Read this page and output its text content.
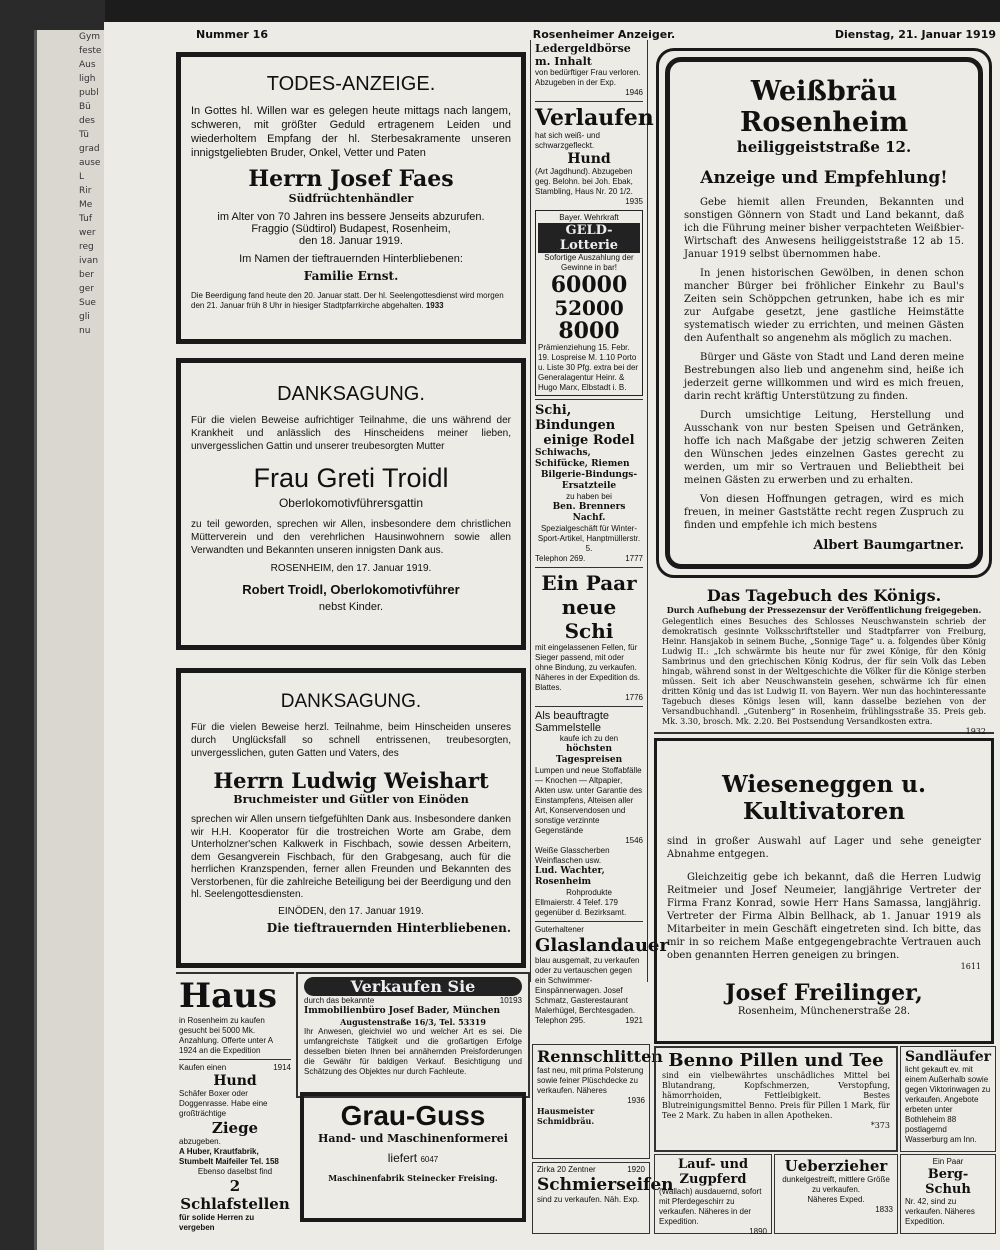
Gym
feste
Aus
ligh
publ
Bü
des
Tü
grad
ause
L
Rir
Me
Tuf
wer
reg
ivan
ber
ger
Sue
gli
nu
Nummer 16	Rosenheimer Anzeiger.	Dienstag, 21. Januar 1919
TODES-ANZEIGE.
In Gottes hl. Willen war es gelegen heute mittags nach langem, schweren, mit größter Geduld ertragenem Leiden und wiederholtem Empfang der hl. Sterbesakramente unseren innigstgeliebten Bruder, Onkel, Vetter und Paten
Herrn Josef Faes
Südfrüchtenhändler
im Alter von 70 Jahren ins bessere Jenseits abzurufen.
Fraggio (Südtirol) Budapest, Rosenheim,
den 18. Januar 1919.
Im Namen der tieftrauernden Hinterbliebenen:
Familie Ernst.
Die Beerdigung fand heute den 20. Januar statt. Der hl. Seelengottesdienst wird morgen den 21. Januar früh 8 Uhr in hiesiger Stadtpfarrkirche abgehalten. 1933
DANKSAGUNG.
Für die vielen Beweise aufrichtiger Teilnahme, die uns während der Krankheit und anlässlich des Hinscheidens meiner lieben, unvergesslichen Gattin und unserer treubesorgten Mutter
Frau Greti Troidl
Oberlokomotivführersgattin
zu teil geworden, sprechen wir Allen, insbesondere dem christlichen Mütterverein und den verehrlichen Hausinwohnern sowie allen Verwandten und Bekannten unseren innigsten Dank aus.
ROSENHEIM, den 17. Januar 1919.
Robert Troidl, Oberlokomotivführer
nebst Kinder.
DANKSAGUNG.
Für die vielen Beweise herzl. Teilnahme, beim Hinscheiden unseres durch Unglücksfall so schnell entrissenen, treubesorgten, unvergesslichen, guten Gatten und Vaters, des
Herrn Ludwig Weishart
Bruchmeister und Gütler von Einöden
sprechen wir Allen unsern tiefgefühlten Dank aus. Insbesondere danken wir H.H. Kooperator für die trostreichen Worte am Grabe, dem Unterholzner'schen Kalkwerk in Fischbach, sowie dessen Arbeitern, dem Gesangverein Fischbach, für den Grabgesang, auch für die herrlichen Kranzspenden, ferner allen Freunden und Bekannten des Verstorbenen, für die zahlreiche Beteiligung bei der Beerdigung und den hl. Seelengottesdiensten.
EINÖDEN, den 17. Januar 1919.
Die tieftrauernden Hinterbliebenen.
Ledergeldbörse m. Inhalt
von bedürftiger Frau verloren. Abzugeben in der Exp.
1946
Verlaufen
hat sich weiß- und schwarzgefleckt.
Hund
(Art Jagdhund). Abzugeben geg. Belohn. bei Joh. Ebak, Stambling, Haus Nr. 20 1/2.
1935
Bayer. Wehrkraft
GELD-Lotterie
Sofortige Auszahlung der Gewinne in bar!
60000
52000
8000
Prämienziehung 15. Febr. 19. Lospreise M. 1.10 Porto u. Liste 30 Pfg. extra bei der Generalagentur Heinr. & Hugo Marx, Elbstadt i. B.
Schi, Bindungen
einige Rodel
Schiwachs, Schifücke, Riemen
Bilgerie-Bindungs-Ersatzteile
zu haben bei
Ben. Brenners Nachf.
Spezialgeschäft für Winter-Sport-Artikel, Hanptmüllerstr. 5.
Telephon 269.	1777
Ein Paar
neue Schi
mit eingelassenen Fellen, für Sieger passend, mit oder ohne Bindung, zu verkaufen. Näheres in der Expedition ds. Blattes.
1776
Als beauftragte Sammelstelle
kaufe ich zu den
höchsten Tagespreisen
Lumpen und neue Stoffabfälle — Knochen — Altpapier, Akten usw. unter Garantie des Einstampfens, Alteisen aller Art, Konservendosen und sonstige verzinnte Gegenstände
1546
Weiße Glasscherben Weinflaschen usw.
Lud. Wachter, Rosenheim
Rohprodukte
Ellmaierstr. 4 Telef. 179
gegenüber d. Bezirksamt.
Guterhaltener
Glaslandauer
blau ausgemalt, zu verkaufen oder zu vertauschen gegen ein Schwimmer-Einspännerwagen. Josef Schmatz, Gasterestaurant Malerhügel, Berchtesgaden.
Telephon 295.	1921
Weißbräu Rosenheim
heiliggeiststraße 12.
Anzeige und Empfehlung!
Gebe hiemit allen Freunden, Bekannten und sonstigen Gönnern von Stadt und Land bekannt, daß ich die Führung meiner bisher verpachteten Weißbier-Wirtschaft des Anwesens heiliggeiststraße 12 ab 15. Januar 1919 selbst übernommen habe.
In jenen historischen Gewölben, in denen schon mancher Bürger bei fröhlicher Einkehr zu Baul's Zeiten sein Schöppchen getrunken, habe ich es mir zur Aufgabe gesetzt, jene gastliche Heimstätte systematisch wieder zu errichten, und meinen Gästen den Aufenthalt so angenehm als möglich zu machen.
Bürger und Gäste von Stadt und Land deren meine Bestrebungen also lieb und angenehm sind, heiße ich jederzeit gerne willkommen und wird es mich freuen, darin recht kräftig Unterstützung zu finden.
Durch umsichtige Leitung, Herstellung und Ausschank von nur besten Speisen und Getränken, hoffe ich nach Maßgabe der jetzig schweren Zeiten den Wünschen jedes einzelnen Gastes gerecht zu werden, um mir so Vertrauen und Beliebtheit bei meinen Gästen zu erwerben und zu erhalten.
Von diesen Hoffnungen getragen, wird es mich freuen, in meiner Gaststätte recht regen Zuspruch zu finden und empfehle ich mich bestens
Albert Baumgartner.
Das Tagebuch des Königs.
Durch Aufhebung der Pressezensur der Veröffentlichung freigegeben.
Gelegentlich eines Besuches des Schlosses Neuschwanstein schrieb der demokratisch gesinnte Volksschriftsteller und Stadtpfarrer von Freiburg, Heinr. Hansjakob in seinem Buche, „Sonnige Tage“ u. a. folgendes über König Ludwig II.: „Ich schwärmte bis heute nur für zwei Könige, für den König Sambrinus und den griechischen König Kodrus, der für sein Volk das Leben hingab, während sonst in der Weltgeschichte die Völker für die Könige sterben müssen. Seit ich aber Neuschwanstein gesehen, schwärme ich für einen dritten König und das ist Ludwig II. von Bayern. Wer nun das hochinteressante Tagebuch dieses Königs lesen will, kann dasselbe beziehen von der Versandbuchhandl. „Gutenberg“ in Rosenheim, frühlingsstraße 35. Preis geb. Mk. 3.30, brosch. Mk. 2.20. Bei Postsendung Versandkosten extra.
1932
Wieseneggen u. Kultivatoren
sind in großer Auswahl auf Lager und sehe geneigter Abnahme entgegen.
Gleichzeitig gebe ich bekannt, daß die Herren Ludwig Reitmeier und Josef Neumeier, langjährige Vertreter der Firma Franz Konrad, sowie Herr Hans Samassa, langjährig. Vertreter der Firma Albin Bellhack, ab 1. Januar 1919 als Mitarbeiter in mein Geschäft eingetreten sind. Ich bitte, das mir in so reichem Maße entgegengebrachte Vertrauen auch oben genannten Herren geneigen zu bringen.
1611
Josef Freilinger,
Rosenheim, Münchenerstraße 28.
Haus
in Rosenheim zu kaufen gesucht bei 5000 Mk. Anzahlung. Offerte unter A 1924 an die Expedition
Kaufen einen	1914
Hund
Schäfer Boxer oder Doggenrasse. Habe eine großträchtige
Ziege
abzugeben.
A Huber, Krautfabrik, Stumbelt Maifeiler Tel. 158
Ebenso daselbst find
2 Schlafstellen
für solide Herren zu vergeben
Verkaufen Sie
durch das bekannte	10193
Immobilienbüro Josef Bader, München
Augustenstraße 16/3, Tel. 53319
Ihr Anwesen, gleichviel wo und welcher Art es sei. Die umfangreichste Tätigkeit und die großartigen Erfolge desselben bieten Ihnen bei annähernden Preisforderungen die Gewähr für baldigen Verkauf. Besichtigung und Schätzung des Objektes nur durch Fachleute.
Grau-Guss
Hand- und Maschinenformerei
liefert 6047
Maschinenfabrik Steinecker Freising.
Rennschlitten
fast neu, mit prima Polsterung sowie feiner Plüschdecke zu verkaufen. Näheres
1936
Hausmeister Schmidbräu.
Zirka 20 Zentner	1920
Schmierseifen
sind zu verkaufen. Näh. Exp.
Benno Pillen und Tee
sind ein vielbewährtes unschädliches Mittel bei Blutandrang, Kopfschmerzen, Verstopfung, hämorrhoiden, Fettleibigkeit. Bestes Blutreinigungsmittel Benno. Preis für Pillen 1 Mark, für Tee 2 Mark. Zu haben in allen Apotheken.
*373
Lauf- und Zugpferd
(Wallach) ausdauernd, sofort mit Pferdegeschirr zu verkaufen. Näheres in der Expedition.
1890
Ueberzieher
dunkelgestreift, mittlere Größe zu verkaufen.
Näheres Exped.
1833
Sandläufer
licht gekauft ev. mit einem Außerhalb sowie gegen Viktorinwagen zu verkaufen. Angebote erbeten unter Bothleheim 88 postlagernd Wasserburg am Inn.
Ein Paar
Berg-Schuh
Nr. 42, sind zu verkaufen. Näheres Expedition.
